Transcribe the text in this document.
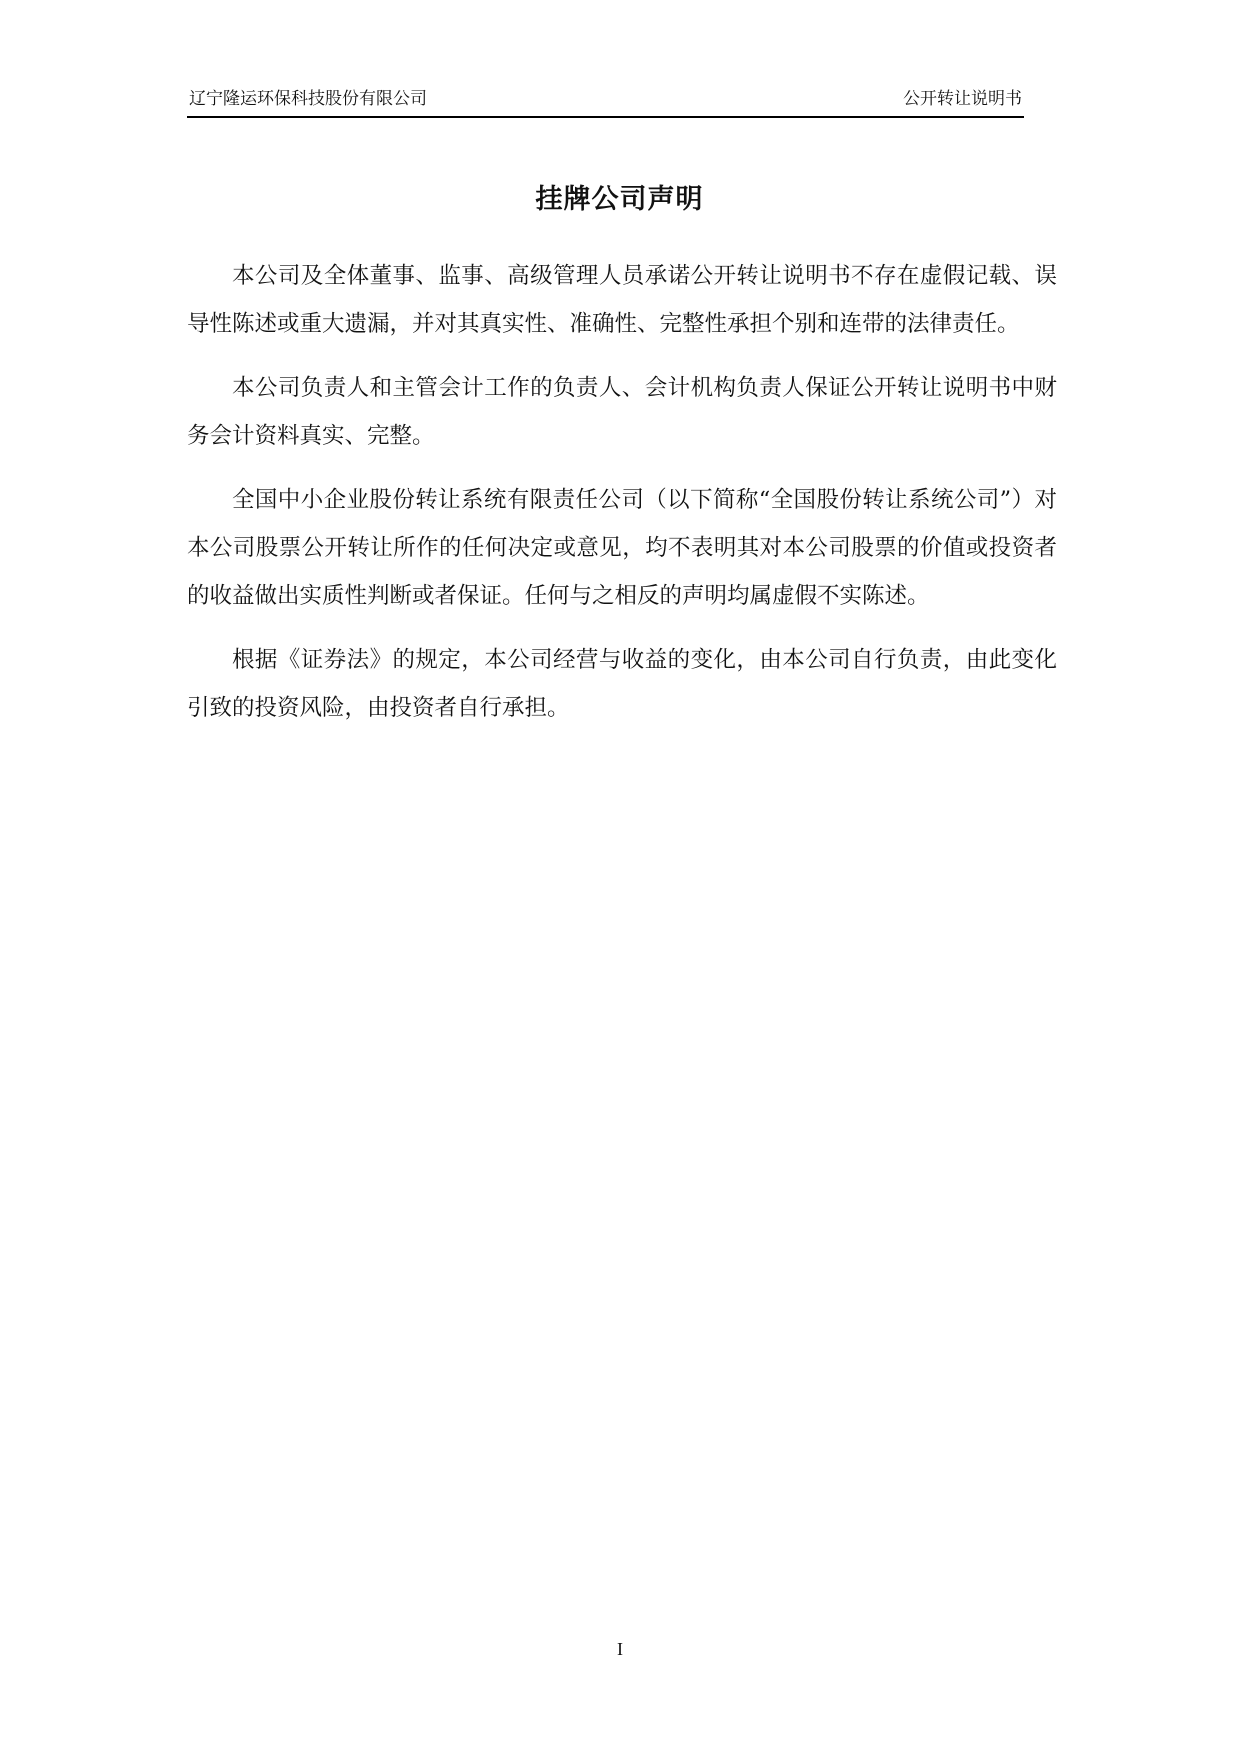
辽宁隆运环保科技股份有限公司	公开转让说明书
挂牌公司声明

本公司及全体董事、监事、高级管理人员承诺公开转让说明书不存在虚假记载、误导性陈述或重大遗漏，并对其真实性、准确性、完整性承担个别和连带的法律责任。

本公司负责人和主管会计工作的负责人、会计机构负责人保证公开转让说明书中财务会计资料真实、完整。

全国中小企业股份转让系统有限责任公司（以下简称“全国股份转让系统公司”）对本公司股票公开转让所作的任何决定或意见，均不表明其对本公司股票的价值或投资者的收益做出实质性判断或者保证。任何与之相反的声明均属虚假不实陈述。

根据《证券法》的规定，本公司经营与收益的变化，由本公司自行负责，由此变化引致的投资风险，由投资者自行承担。

I
